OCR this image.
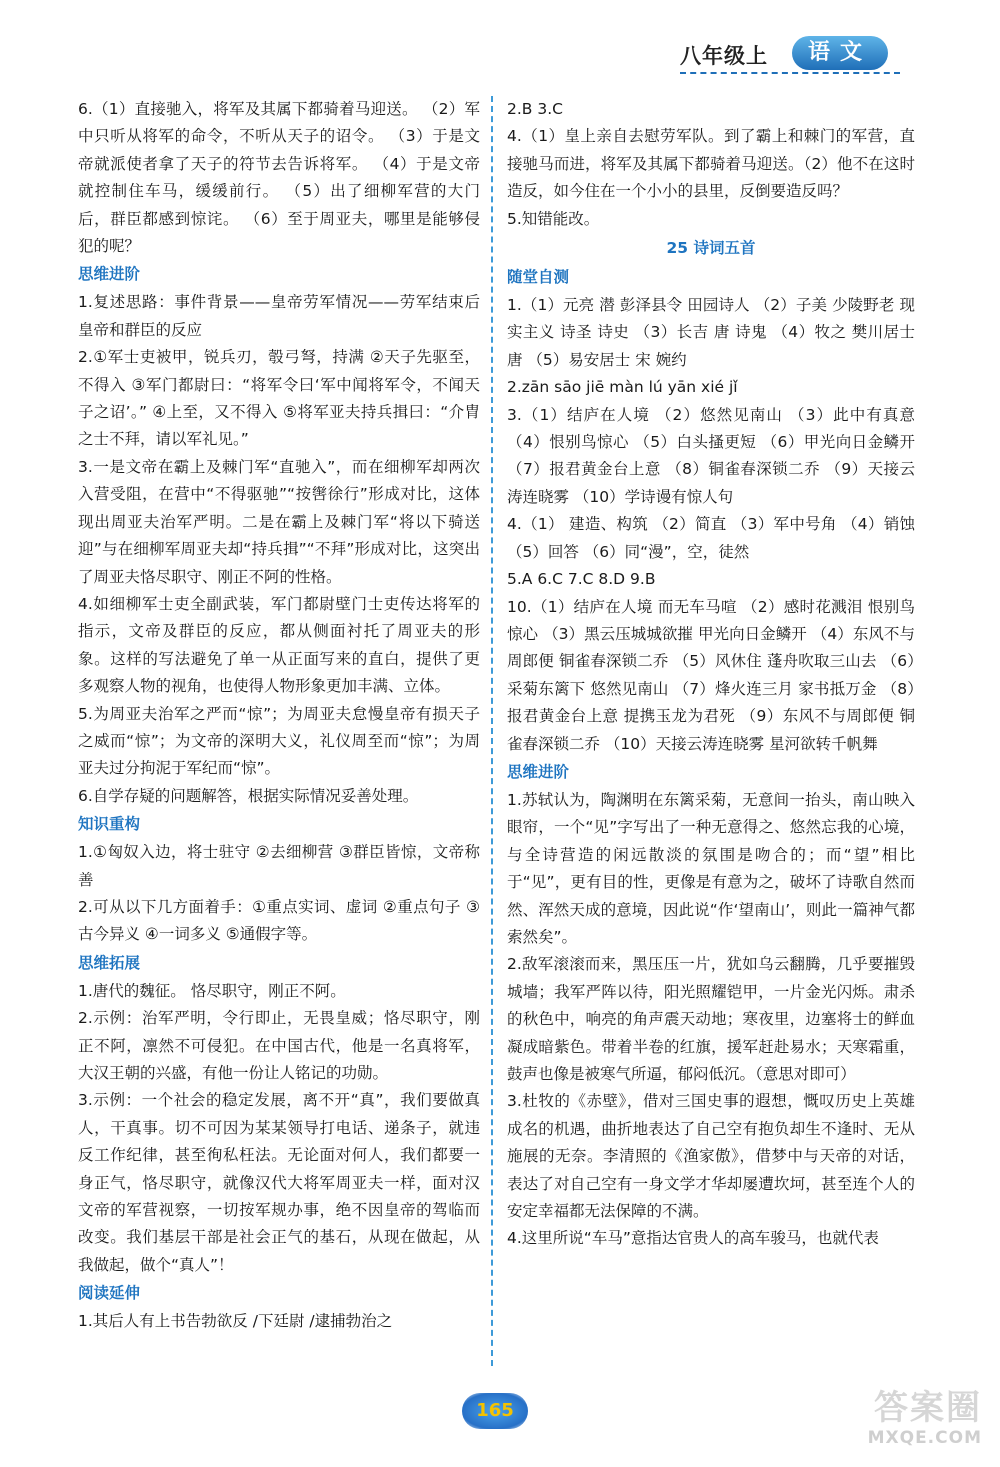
八年级上	语文

6.（1）直接驰入，将军及其属下都骑着马迎送。 （2）军中只听从将军的命令，不听从天子的诏令。 （3）于是文帝就派使者拿了天子的符节去告诉将军。 （4）于是文帝就控制住车马，缓缓前行。 （5）出了细柳军营的大门后，群臣都感到惊诧。 （6）至于周亚夫，哪里是能够侵犯的呢？

思维进阶

1.复述思路：事件背景——皇帝劳军情况——劳军结束后皇帝和群臣的反应

2.①军士吏被甲，锐兵刃，彀弓弩，持满 ②天子先驱至，不得入 ③军门都尉曰：“将军令曰‘军中闻将军令，不闻天子之诏’。” ④上至，又不得入 ⑤将军亚夫持兵揖曰：“介胄之士不拜，请以军礼见。”

3.一是文帝在霸上及棘门军“直驰入”，而在细柳军却两次入营受阻，在营中“不得驱驰”“按辔徐行”形成对比，这体现出周亚夫治军严明。二是在霸上及棘门军“将以下骑送迎”与在细柳军周亚夫却“持兵揖”“不拜”形成对比，这突出了周亚夫恪尽职守、刚正不阿的性格。

4.如细柳军士吏全副武装，军门都尉壁门士吏传达将军的指示，文帝及群臣的反应，都从侧面衬托了周亚夫的形象。这样的写法避免了单一从正面写来的直白，提供了更多观察人物的视角，也使得人物形象更加丰满、立体。

5.为周亚夫治军之严而“惊”；为周亚夫怠慢皇帝有损天子之威而“惊”；为文帝的深明大义，礼仪周至而“惊”；为周亚夫过分拘泥于军纪而“惊”。

6.自学存疑的问题解答，根据实际情况妥善处理。

知识重构

1.①匈奴入边，将士驻守 ②去细柳营 ③群臣皆惊，文帝称善

2.可从以下几方面着手：①重点实词、虚词 ②重点句子 ③古今异义 ④一词多义 ⑤通假字等。

思维拓展

1.唐代的魏征。 恪尽职守，刚正不阿。

2.示例：治军严明，令行即止，无畏皇威；恪尽职守，刚正不阿，凛然不可侵犯。在中国古代，他是一名真将军，大汉王朝的兴盛，有他一份让人铭记的功勋。

3.示例：一个社会的稳定发展，离不开“真”，我们要做真人，干真事。切不可因为某某领导打电话、递条子，就违反工作纪律，甚至徇私枉法。无论面对何人，我们都要一身正气，恪尽职守，就像汉代大将军周亚夫一样，面对汉文帝的军营视察，一切按军规办事，绝不因皇帝的驾临而改变。我们基层干部是社会正气的基石，从现在做起，从我做起，做个“真人”！

阅读延伸

1.其后人有上书告勃欲反 /下廷尉 /逮捕勃治之

2.B 3.C

4.（1）皇上亲自去慰劳军队。到了霸上和棘门的军营，直接驰马而进，将军及其属下都骑着马迎送。（2）他不在这时造反，如今住在一个小小的县里，反倒要造反吗？

5.知错能改。

25 诗词五首

随堂自测

1.（1）元亮 潜 彭泽县令 田园诗人 （2）子美 少陵野老 现实主义 诗圣 诗史 （3）长吉 唐 诗鬼 （4）牧之 樊川居士 唐 （5）易安居士 宋 婉约

2.zān sāo jiē màn lú yān xié jǐ

3.（1）结庐在人境 （2）悠然见南山 （3）此中有真意 （4）恨别鸟惊心 （5）白头搔更短 （6）甲光向日金鳞开 （7）报君黄金台上意 （8）铜雀春深锁二乔 （9）天接云涛连晓雾 （10）学诗谩有惊人句

4.（1） 建造、构筑 （2）简直 （3）军中号角 （4）销蚀 （5）回答 （6）同“漫”，空，徒然

5.A 6.C 7.C 8.D 9.B

10.（1）结庐在人境 而无车马喧 （2）感时花溅泪 恨别鸟惊心 （3）黑云压城城欲摧 甲光向日金鳞开 （4）东风不与周郎便 铜雀春深锁二乔 （5）风休住 蓬舟吹取三山去 （6）采菊东篱下 悠然见南山 （7）烽火连三月 家书抵万金 （8）报君黄金台上意 提携玉龙为君死 （9）东风不与周郎便 铜雀春深锁二乔 （10）天接云涛连晓雾 星河欲转千帆舞

思维进阶

1.苏轼认为，陶渊明在东篱采菊，无意间一抬头，南山映入眼帘，一个“见”字写出了一种无意得之、悠然忘我的心境，与全诗营造的闲远散淡的氛围是吻合的；而“望”相比于“见”，更有目的性，更像是有意为之，破坏了诗歌自然而然、浑然天成的意境，因此说“作‘望南山’，则此一篇神气都索然矣”。

2.敌军滚滚而来，黑压压一片，犹如乌云翻腾，几乎要摧毁城墙；我军严阵以待，阳光照耀铠甲，一片金光闪烁。肃杀的秋色中，响亮的角声震天动地；寒夜里，边塞将士的鲜血凝成暗紫色。带着半卷的红旗，援军赶赴易水；天寒霜重，鼓声也像是被寒气所逼，郁闷低沉。（意思对即可）

3.杜牧的《赤壁》，借对三国史事的遐想，慨叹历史上英雄成名的机遇，曲折地表达了自己空有抱负却生不逢时、无从施展的无奈。李清照的《渔家傲》，借梦中与天帝的对话，表达了对自己空有一身文学才华却屡遭坎坷，甚至连个人的安定幸福都无法保障的不满。

4.这里所说“车马”意指达官贵人的高车骏马，也就代表

165	答案圈
MXQE.COM
